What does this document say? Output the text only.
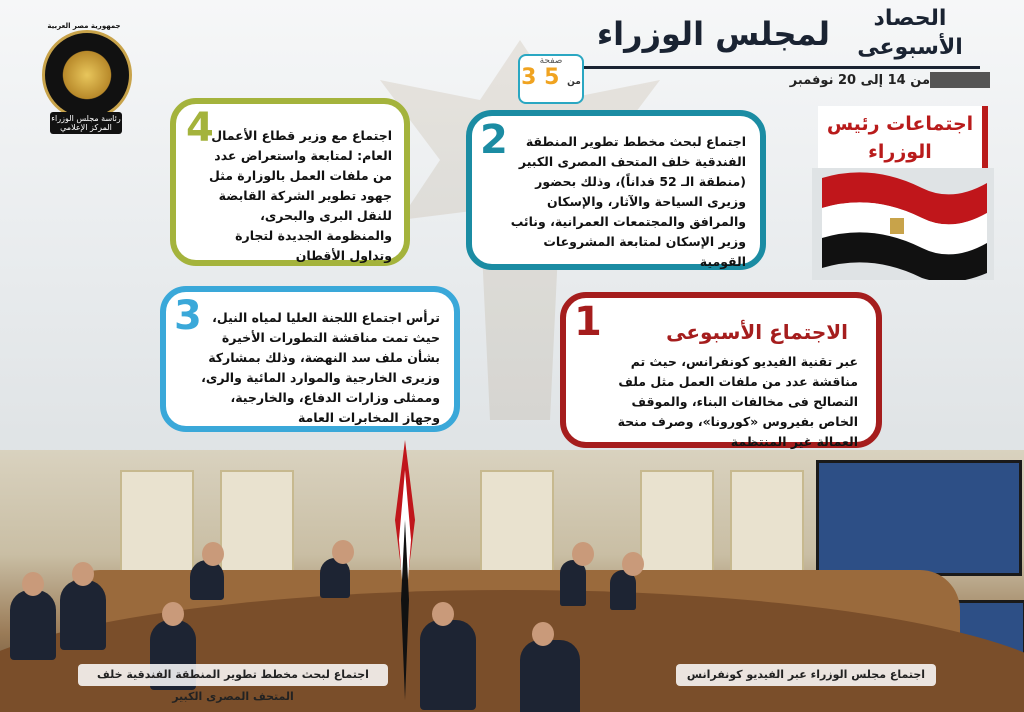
اجتماع لبحث مخطط تطوير المنطقة الفندقية خلف المتحف المصرى الكبير
اجتماع مجلس الوزراء عبر الفيديو كونفرانس
جمهورية مصر العربية
رئاسة مجلس الوزراء
المركز الإعلامي
لمجلس الوزراء	الحصاد
الأسبوعى
من 14 إلى 20 نوفمبر
صفحة
3	من 5
اجتماعات رئيس
الوزراء
4
اجتماع مع وزير قطاع الأعمال العام: لمتابعة واستعراض عدد من ملفات العمل بالوزارة مثل جهود تطوير الشركة القابضة للنقل البرى والبحرى، والمنظومة الجديدة لتجارة وتداول الأقطان
2	اجتماع لبحث مخطط تطوير المنطقة الفندقية خلف المتحف المصرى الكبير (منطقة الـ 52 فداناً)، وذلك بحضور وزيرى السياحة والآثار، والإسكان والمرافق والمجتمعات العمرانية، ونائب وزير الإسكان لمتابعة المشروعات القومية
3 ترأس اجتماع اللجنة العليا لمياه النيل، حيث تمت مناقشة التطورات الأخيرة بشأن ملف سد النهضة، وذلك بمشاركة وزيرى الخارجية والموارد المائية والرى، وممثلى وزارات الدفاع، والخارجية، وجهاز المخابرات العامة
1	الاجتماع الأسبوعى
عبر تقنية الفيديو كونفرانس، حيث تم مناقشة عدد من ملفات العمل مثل ملف التصالح فى مخالفات البناء، والموقف الخاص بفيروس «كورونا»، وصرف منحة العمالة غير المنتظمة
